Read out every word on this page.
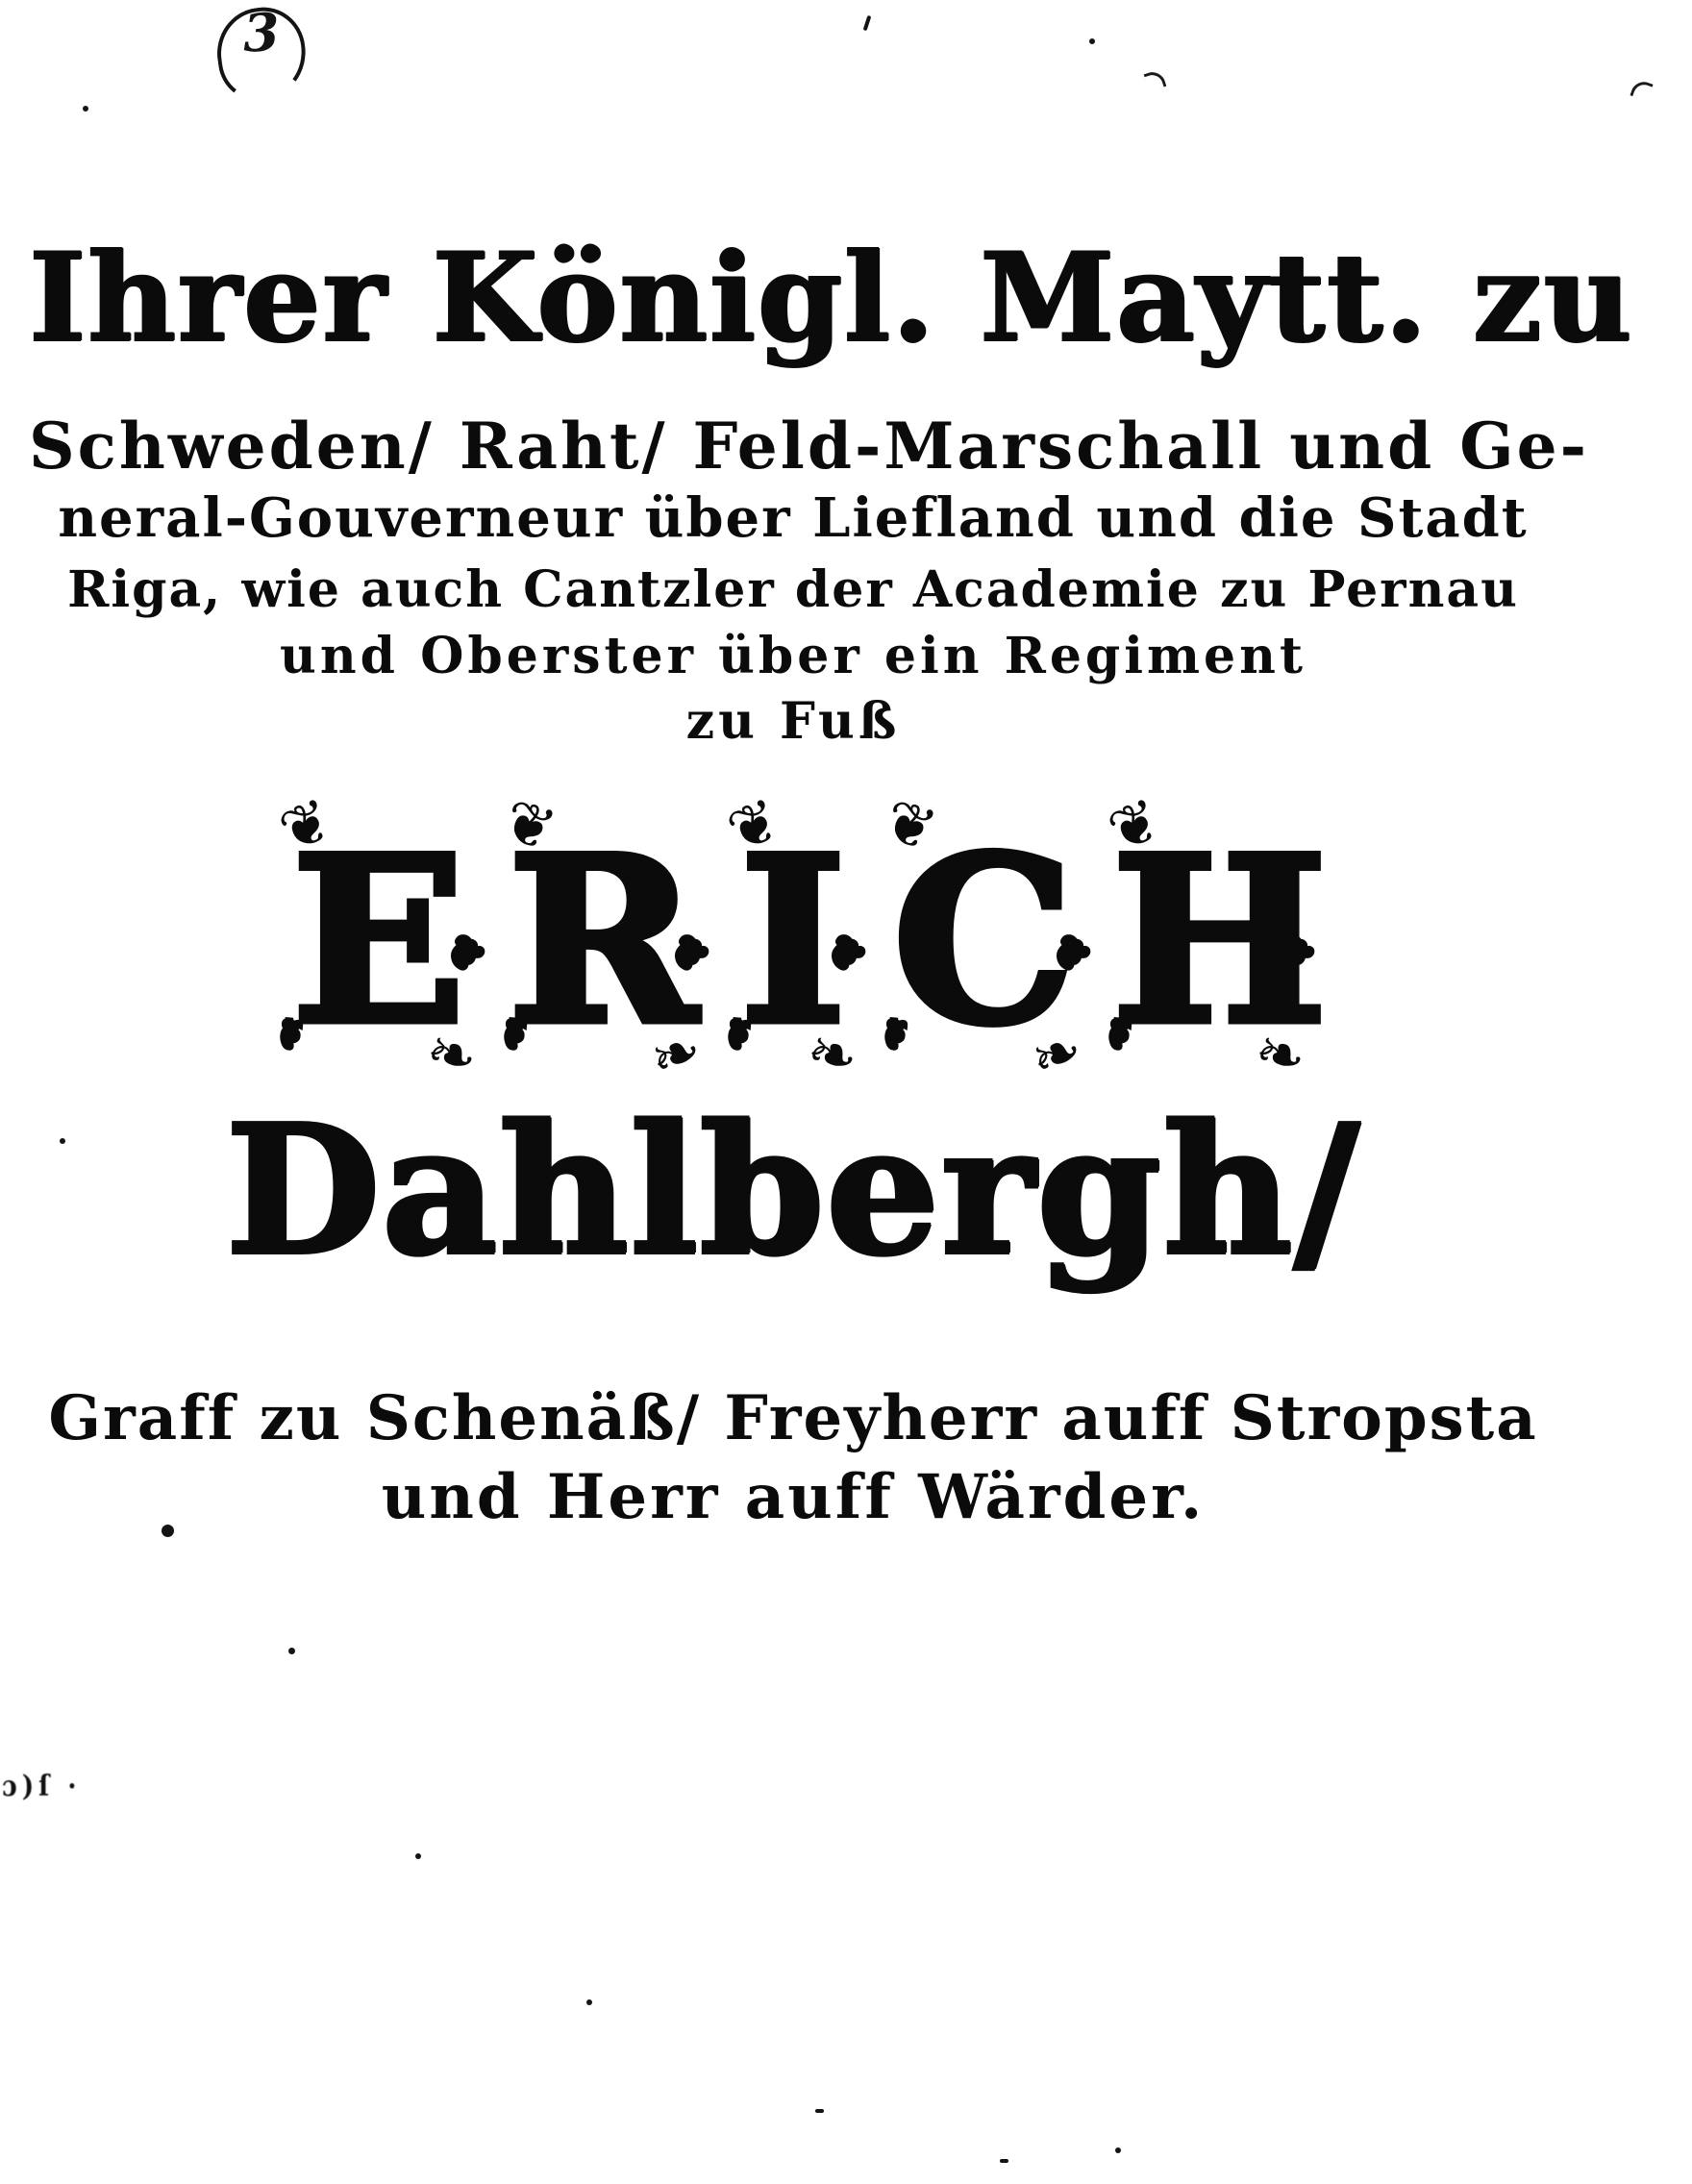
3
Ihrer Königl. Maytt. zu
Schweden/ Raht/ Feld-Marschall und Ge-
neral-Gouverneur über Liefland und die Stadt
Riga, wie auch Cantzler der Academie zu Pernau
und Oberster über ein Regiment
zu Fuß
❧ ❦ E ❦
❧ ❧ ❦ R ❦
❧ ❧ ❦ I ❦
❧ ❧ ❦ C ❦
❧ ❧ ❦ H ❦
❧
Dahlbergh/
Graff zu Schenäß/ Freyherr auff Stropsta
und Herr auff Wärder.
ɔ)ſ ·
